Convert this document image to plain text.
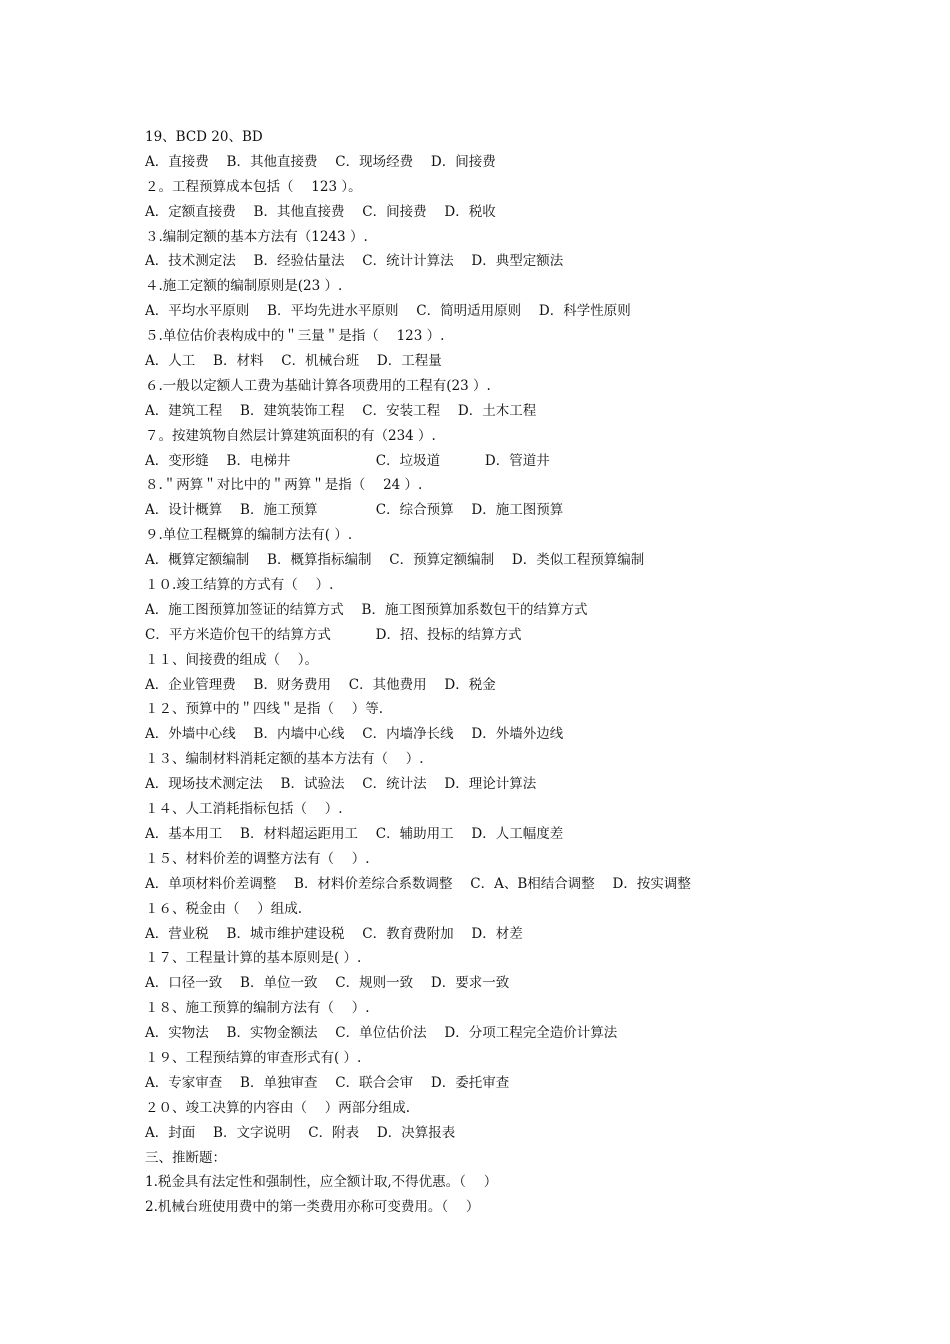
19、BCD 20、BD
A．直接费 　B．其他直接费 　C．现场经费 　D．间接费
２。工程预算成本包括（ 　123 ）。
A．定额直接费 　B．其他直接费 　C．间接费 　D．税收
３.编制定额的基本方法有（1243 ）.
A．技术测定法 　B．经验估量法 　C．统计计算法 　D．典型定额法
４.施工定额的编制原则是(23 ）.
A．平均水平原则 　B．平均先进水平原则 　C．简明适用原则 　D．科学性原则
５.单位估价表构成中的＂三量＂是指（ 　123 ）.
A．人工 　B．材料 　C．机械台班 　D．工程量
６.一般以定额人工费为基础计算各项费用的工程有(23 ）.
A．建筑工程 　B．建筑装饰工程 　C．安装工程 　D．土木工程
７。按建筑物自然层计算建筑面积的有（234 ）.
A．变形缝 　B．电梯井 　　　　　　C．垃圾道 　　　D．管道井
８.＂两算＂对比中的＂两算＂是指（ 　24 ）.
A．设计概算 　B．施工预算 　　　　C．综合预算 　D．施工图预算
９.单位工程概算的编制方法有( ）.
A．概算定额编制 　B．概算指标编制 　C．预算定额编制 　D．类似工程预算编制
１０.竣工结算的方式有（ 　）.
A．施工图预算加签证的结算方式 　B．施工图预算加系数包干的结算方式
C．平方米造价包干的结算方式 　　　D．招、投标的结算方式
１１、间接费的组成（ 　）。
A．企业管理费 　B．财务费用 　C．其他费用 　D．税金
１２、预算中的＂四线＂是指（ 　）等.
A．外墙中心线 　B．内墙中心线 　C．内墙净长线 　D．外墙外边线
１３、编制材料消耗定额的基本方法有（ 　）.
A．现场技术测定法 　B．试验法 　C．统计法 　D．理论计算法
１４、人工消耗指标包括（ 　）.
A．基本用工 　B．材料超运距用工 　C．辅助用工 　D．人工幅度差
１５、材料价差的调整方法有（ 　）.
A．单项材料价差调整 　B．材料价差综合系数调整 　C．A、B相结合调整 　D．按实调整
１６、税金由（ 　）组成.
A．营业税 　B．城市维护建设税 　C．教育费附加 　D．材差
１７、工程量计算的基本原则是( ）.
A．口径一致 　B．单位一致 　C．规则一致 　D．要求一致
１８、施工预算的编制方法有（ 　）.
A．实物法 　B．实物金额法 　C．单位估价法 　D．分项工程完全造价计算法
１９、工程预结算的审查形式有( ）.
A．专家审查 　B．单独审查 　C．联合会审 　D．委托审查
２０、竣工决算的内容由（ 　）两部分组成.
A．封面 　B．文字说明 　C．附表 　D．决算报表
三、推断题：
1.税金具有法定性和强制性，应全额计取,不得优惠。（ 　）
2.机械台班使用费中的第一类费用亦称可变费用。（ 　）
